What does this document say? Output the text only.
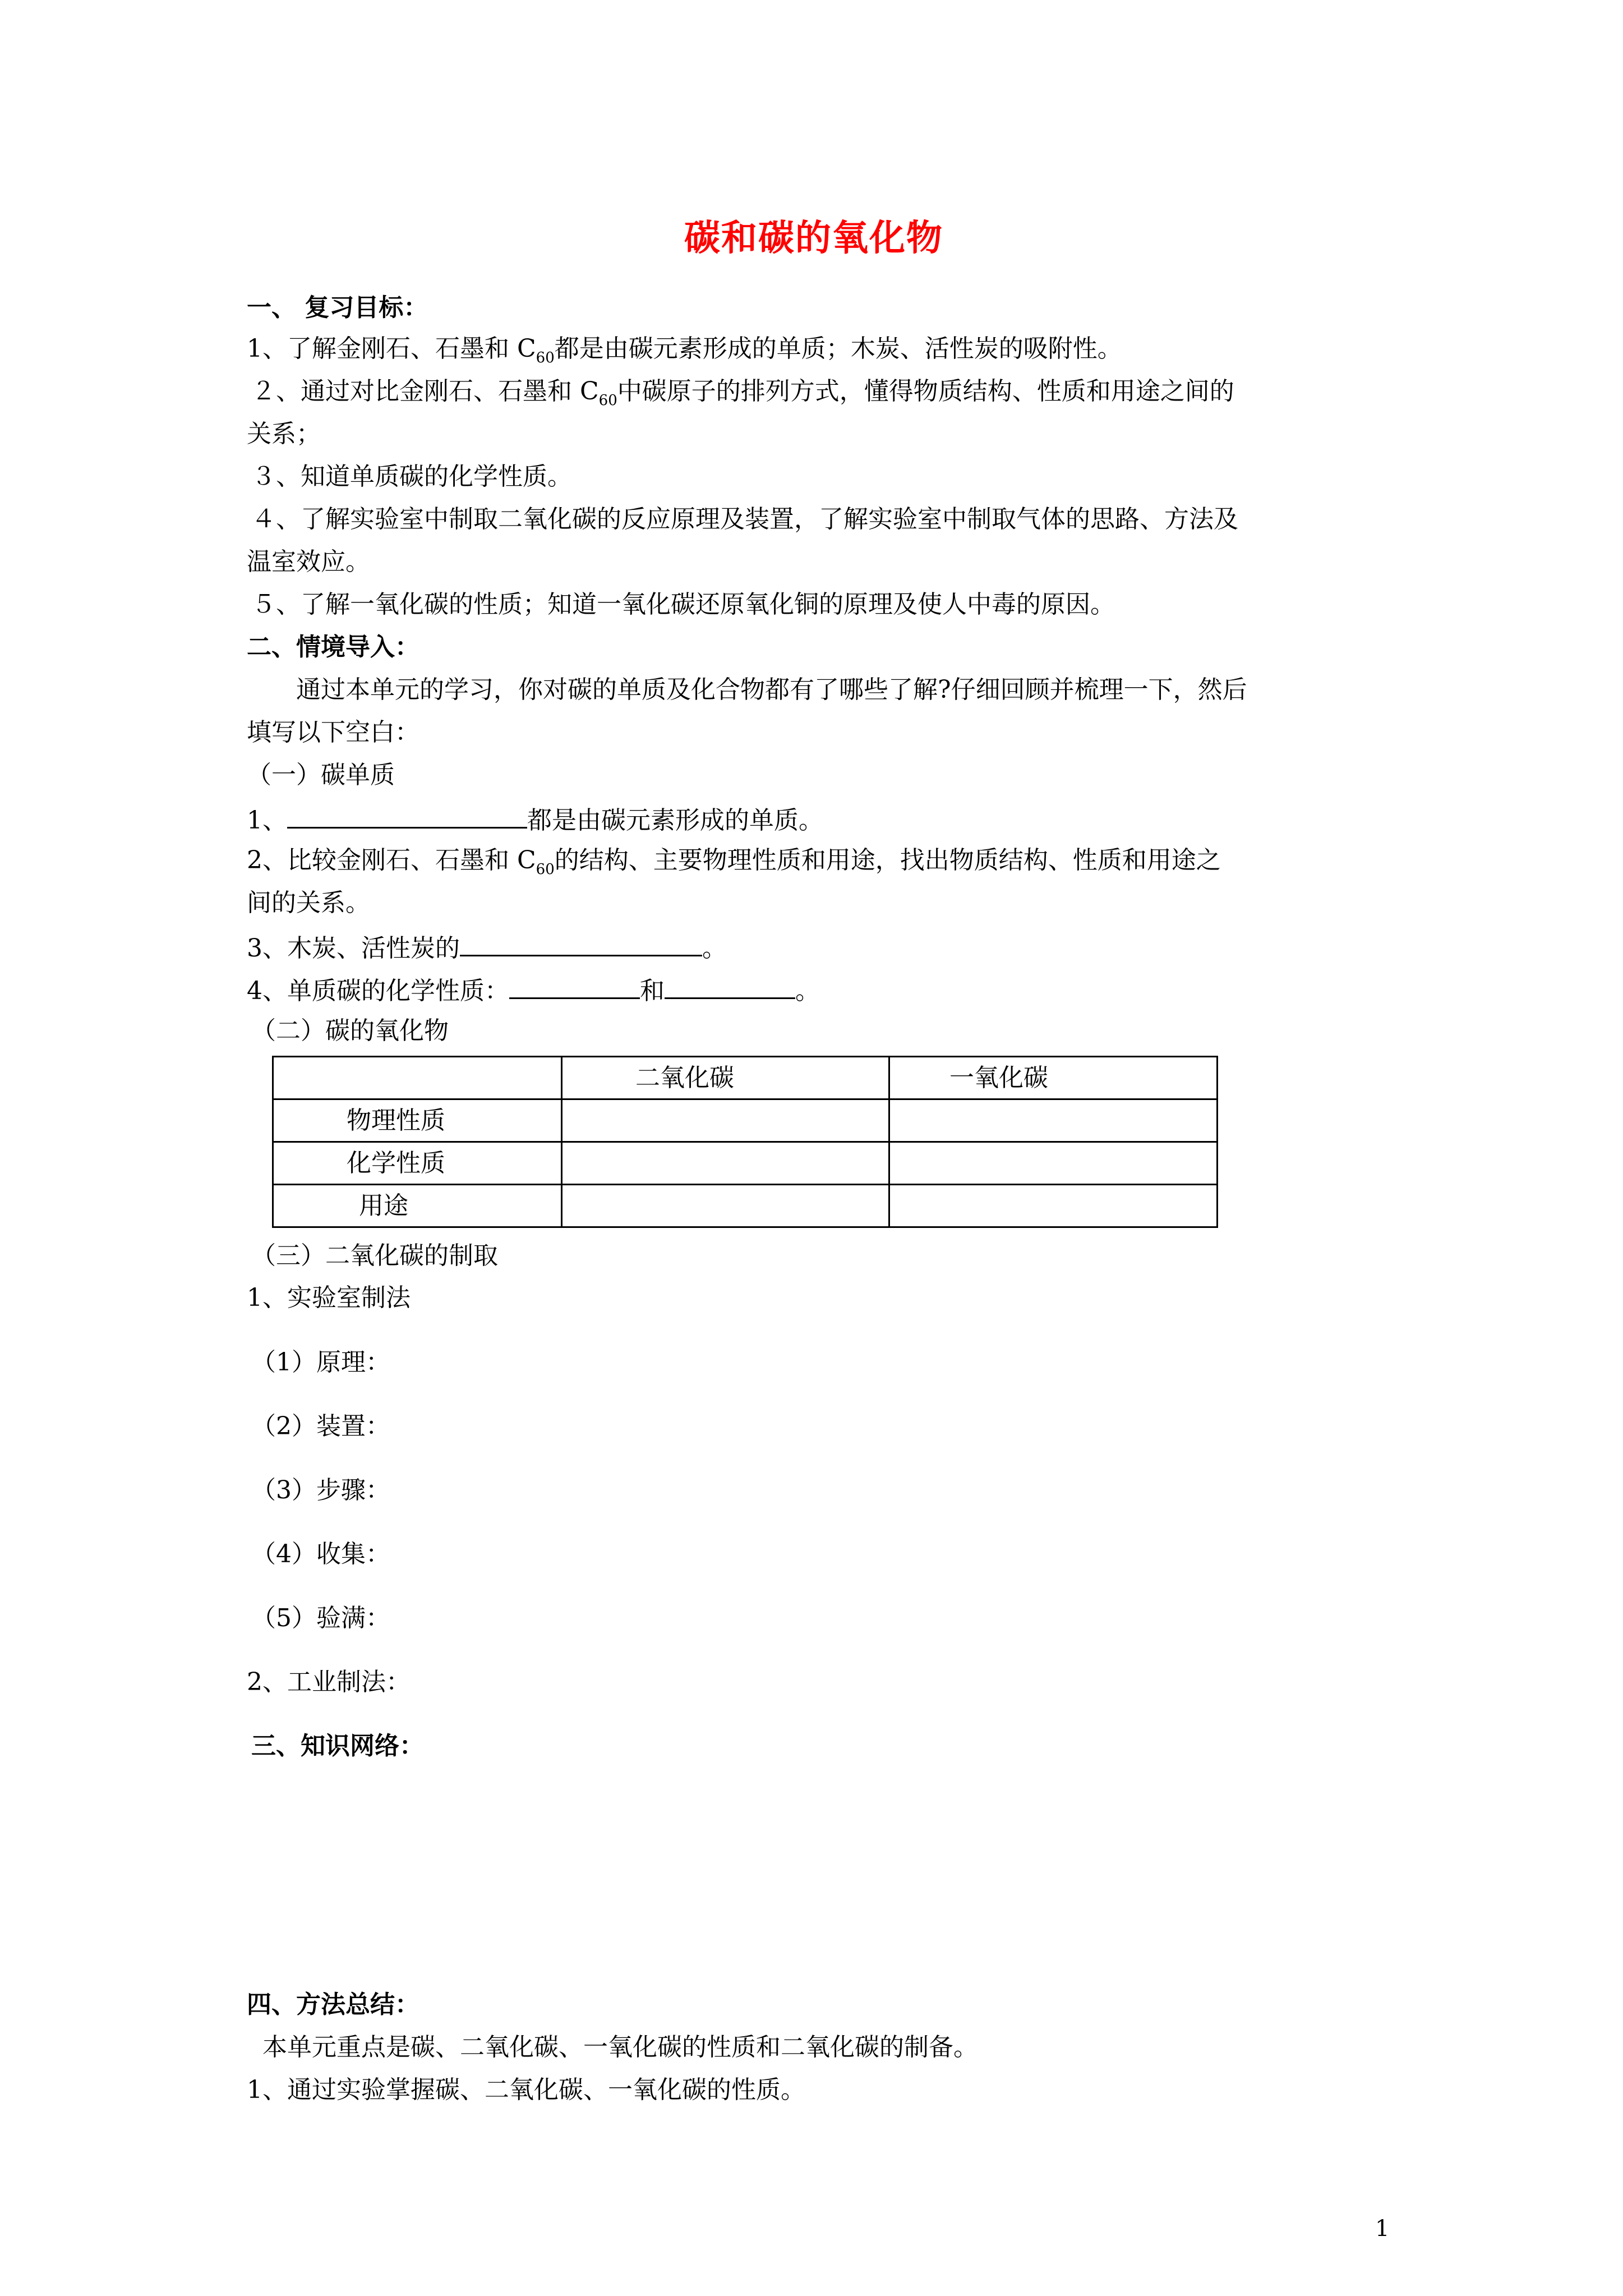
碳和碳的氧化物
一、 复习目标：
1、了解金刚石、石墨和 $C_{60}$都是由碳元素形成的单质；木炭、活性炭的吸附性。
２、通过对比金刚石、石墨和 $C_{60}$中碳原子的排列方式，懂得物质结构、性质和用途之间的
关系；
３、知道单质碳的化学性质。
４、了解实验室中制取二氧化碳的反应原理及装置，了解实验室中制取气体的思路、方法及
温室效应。
５、了解一氧化碳的性质；知道一氧化碳还原氧化铜的原理及使人中毒的原因。
二、情境导入：
通过本单元的学习，你对碳的单质及化合物都有了哪些了解?仔细回顾并梳理一下，然后
填写以下空白：
（一）碳单质
1、	都是由碳元素形成的单质。
2、比较金刚石、石墨和 $C_{60}$的结构、主要物理性质和用途，找出物质结构、性质和用途之
间的关系。
3、木炭、活性炭的	。
4、单质碳的化学性质：	和	。
（二）碳的氧化物
	二氧化碳	一氧化碳
物理性质		
化学性质		
用途		
（三）二氧化碳的制取
1、实验室制法
（1）原理：
（2）装置：
（3）步骤：
（4）收集：
（5）验满：
2、工业制法：
三、知识网络：
四、方法总结：
本单元重点是碳、二氧化碳、一氧化碳的性质和二氧化碳的制备。
1、通过实验掌握碳、二氧化碳、一氧化碳的性质。
1
